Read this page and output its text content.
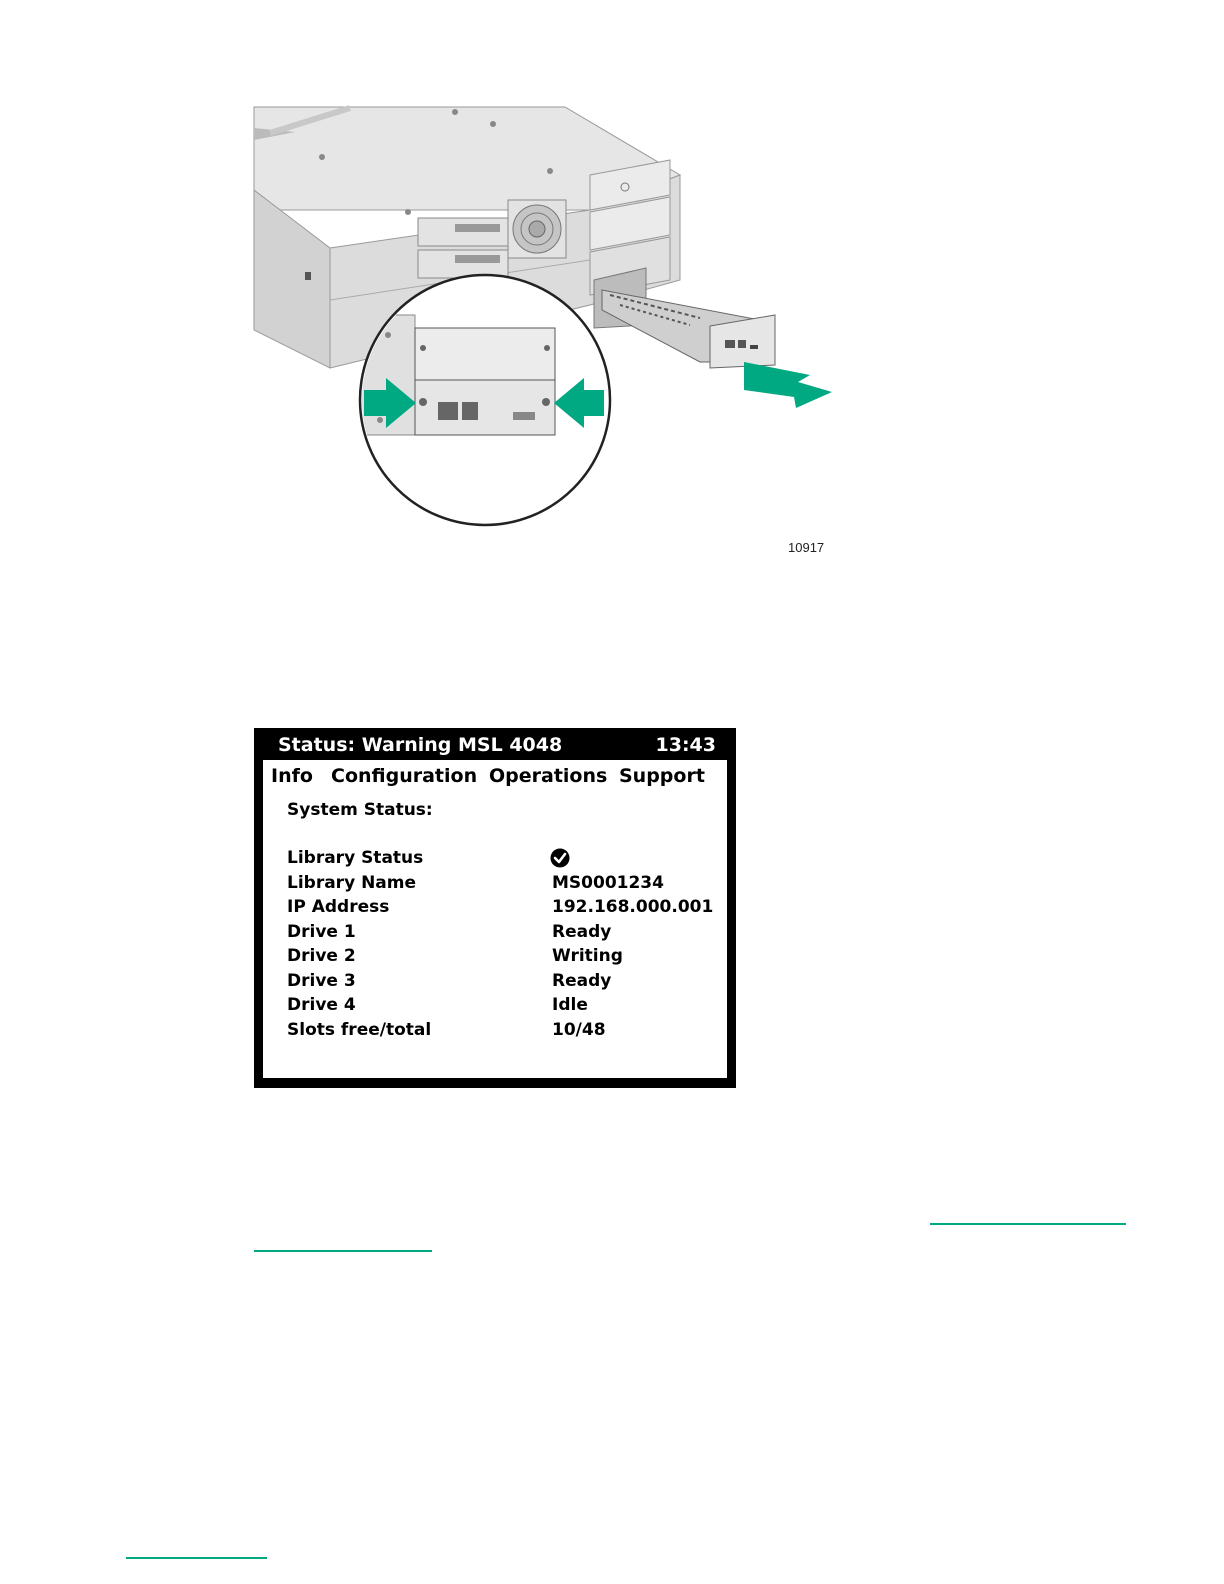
10917
Status: Warning MSL 4048	13:43
Info Configuration Operations Support
System Status:
Library Status
Library Name	MS0001234
IP Address	192.168.000.001
Drive 1	Ready
Drive 2	Writing
Drive 3	Ready
Drive 4	Idle
Slots free/total	10/48
